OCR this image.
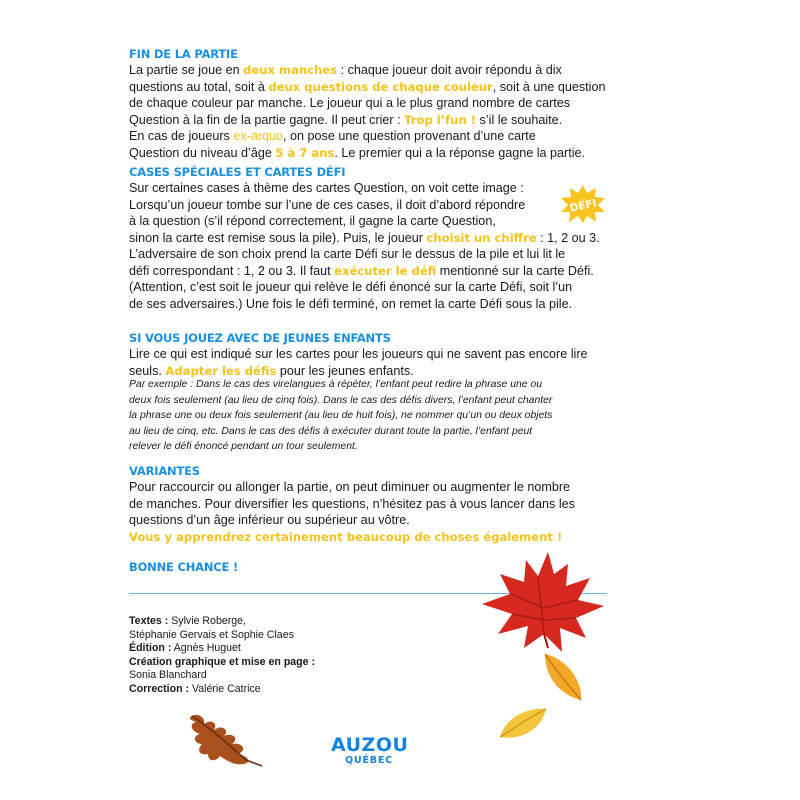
FIN DE LA PARTIE

La partie se joue en deux manches : chaque joueur doit avoir répondu à dix
questions au total, soit à deux questions de chaque couleur, soit à une question
de chaque couleur par manche. Le joueur qui a le plus grand nombre de cartes
Question à la fin de la partie gagne. Il peut crier : Trop l’fun ! s’il le souhaite.
En cas de joueurs ex-æquo, on pose une question provenant d’une carte
Question du niveau d’âge 5 à 7 ans. Le premier qui a la réponse gagne la partie.

CASES SPÉCIALES ET CARTES DÉFI

Sur certaines cases à thème des cartes Question, on voit cette image :
Lorsqu’un joueur tombe sur l’une de ces cases, il doit d’abord répondre
à la question (s’il répond correctement, il gagne la carte Question,
sinon la carte est remise sous la pile). Puis, le joueur choisit un chiffre : 1, 2 ou 3.
L’adversaire de son choix prend la carte Défi sur le dessus de la pile et lui lit le
défi correspondant : 1, 2 ou 3. Il faut exécuter le défi mentionné sur la carte Défi.
(Attention, c’est soit le joueur qui relève le défi énoncé sur la carte Défi, soit l’un
de ses adversaires.) Une fois le défi terminé, on remet la carte Défi sous la pile.

DÉFI
SI VOUS JOUEZ AVEC DE JEUNES ENFANTS

Lire ce qui est indiqué sur les cartes pour les joueurs qui ne savent pas encore lire
seuls. Adapter les défis pour les jeunes enfants.

Par exemple : Dans le cas des virelangues à répéter, l’enfant peut redire la phrase une ou
deux fois seulement (au lieu de cinq fois). Dans le cas des défis divers, l’enfant peut chanter
la phrase une ou deux fois seulement (au lieu de huit fois), ne nommer qu’un ou deux objets
au lieu de cinq, etc. Dans le cas des défis à exécuter durant toute la partie, l’enfant peut
relever le défi énoncé pendant un tour seulement.

VARIANTES

Pour raccourcir ou allonger la partie, on peut diminuer ou augmenter le nombre
de manches. Pour diversifier les questions, n’hésitez pas à vous lancer dans les
questions d’un âge inférieur ou supérieur au vôtre.
Vous y apprendrez certainement beaucoup de choses également !

BONNE CHANCE !

Textes : Sylvie Roberge,
Stéphanie Gervais et Sophie Claes
Édition : Agnès Huguet
Création graphique et mise en page :
Sonia Blanchard
Correction : Valérie Catrice

AUZOU
QUÉBEC
